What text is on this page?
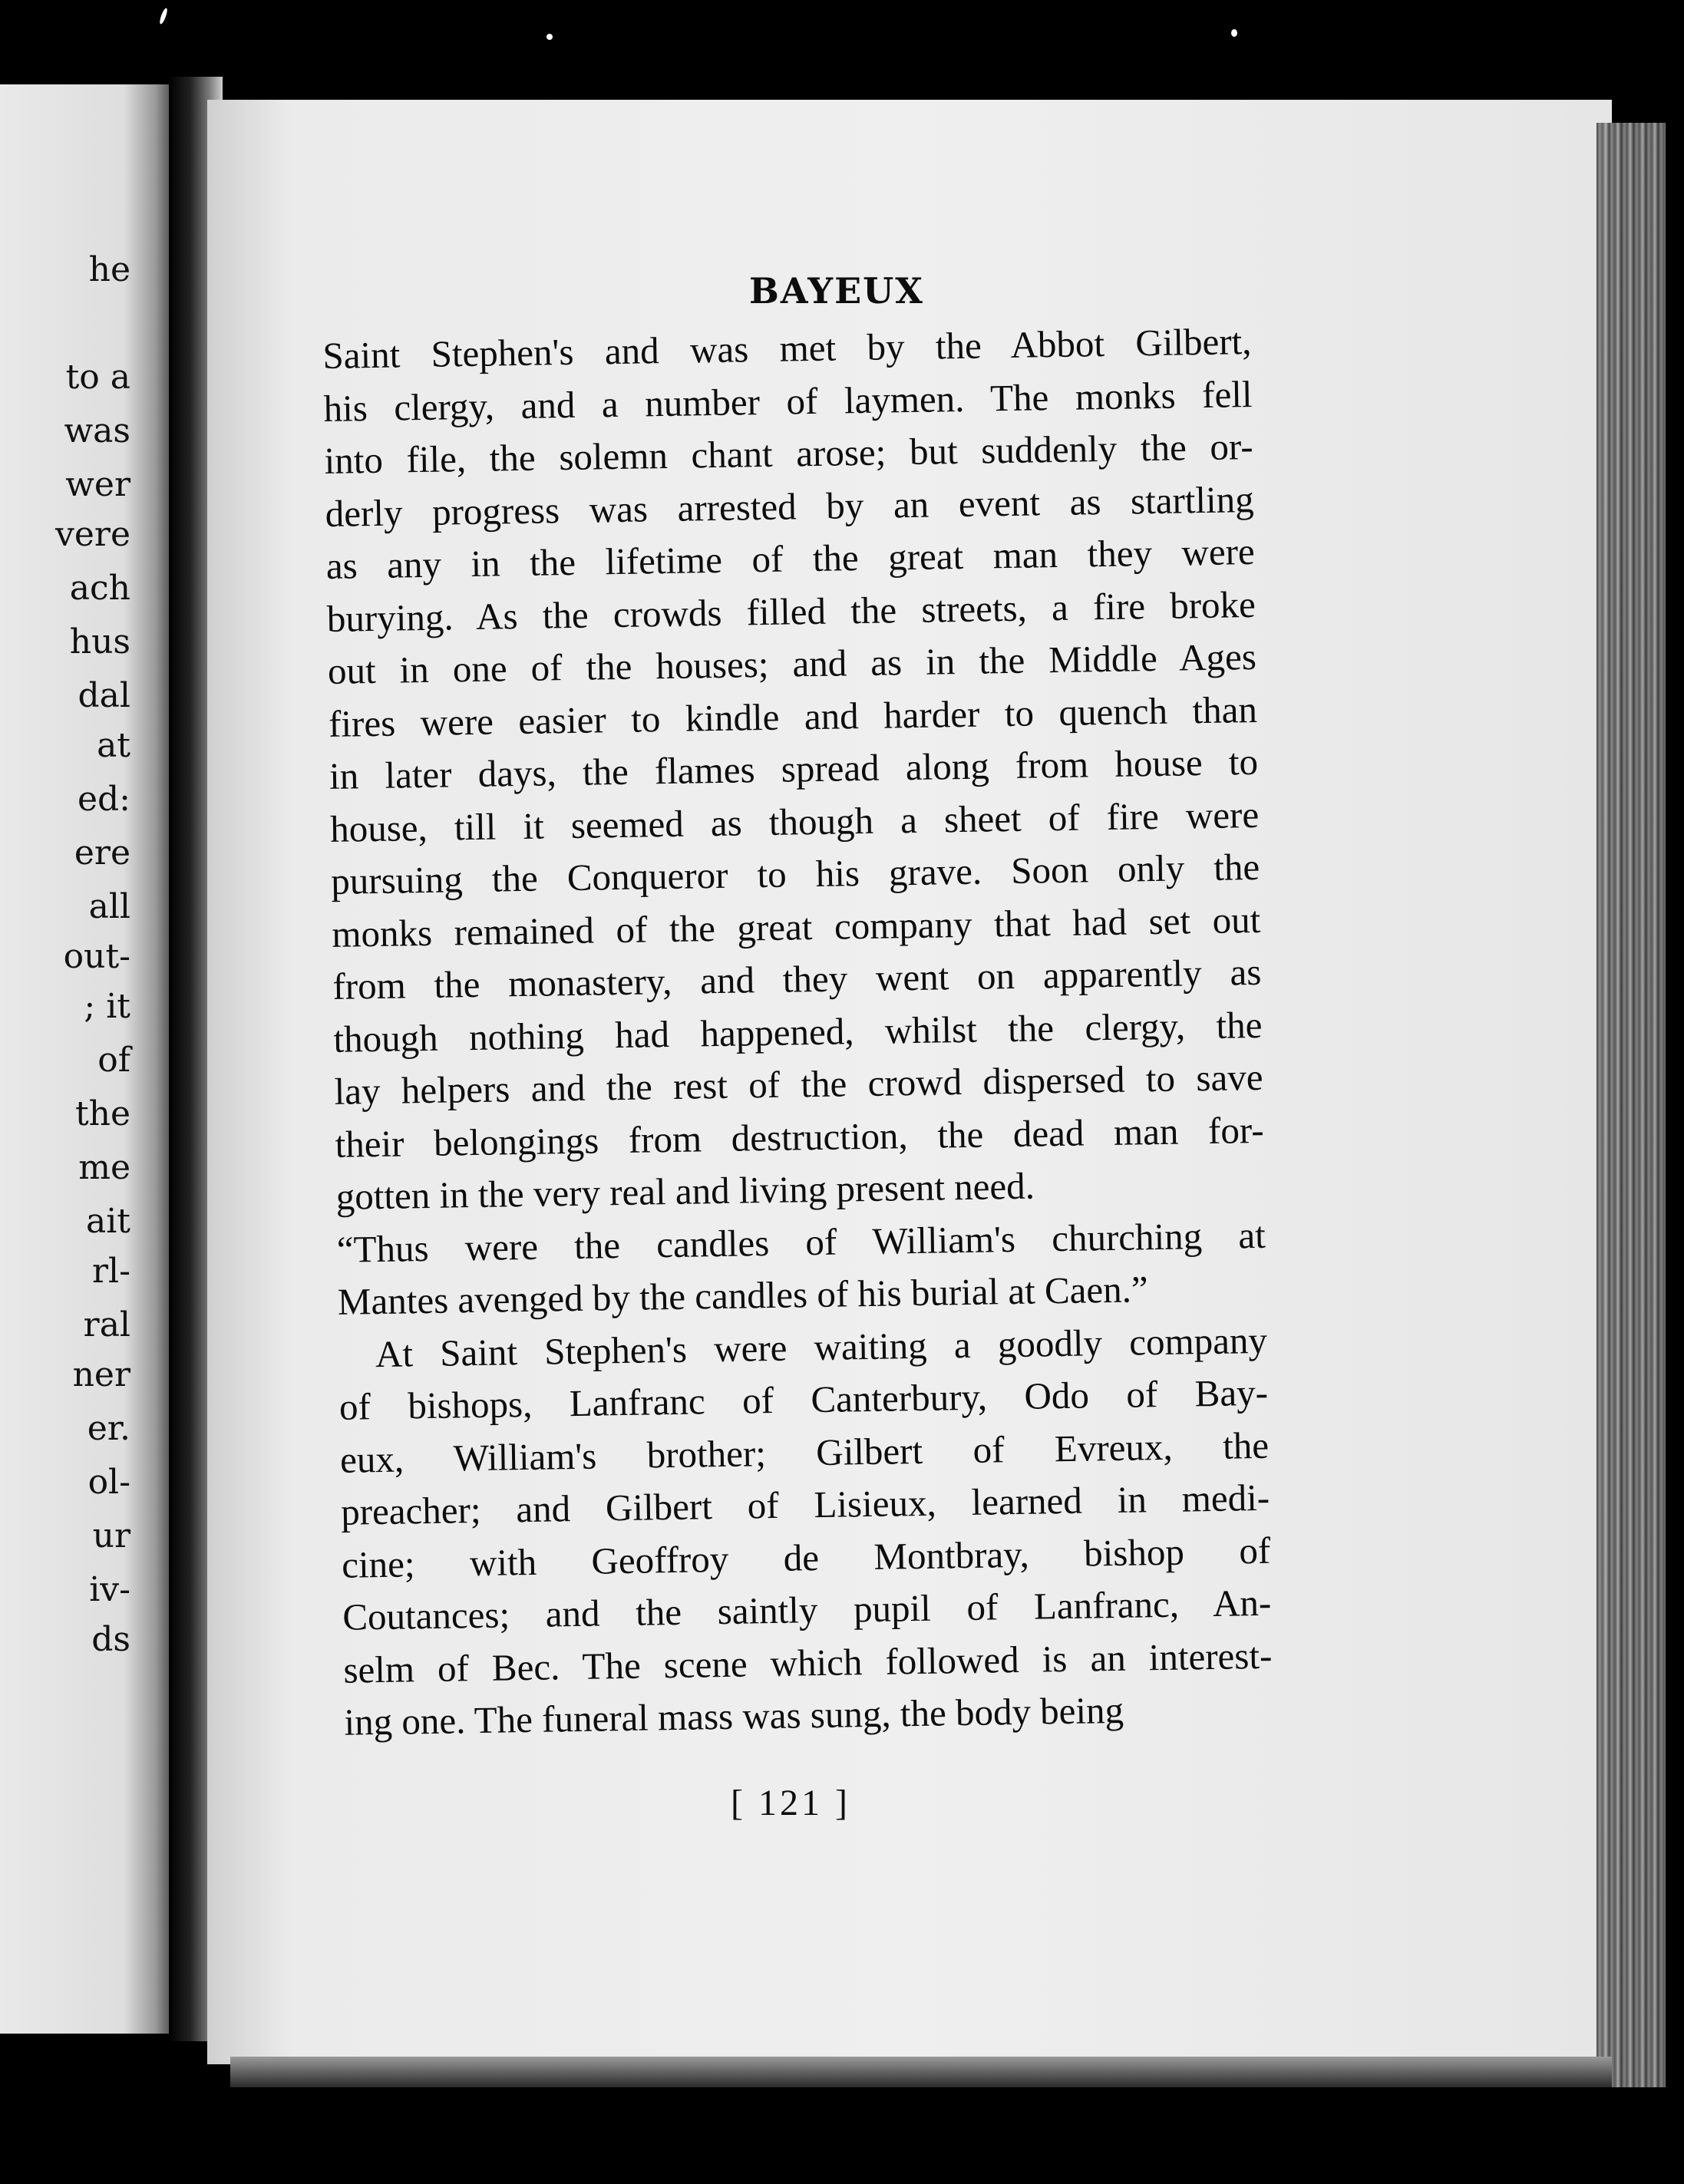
he
to a
was
wer
vere
ach
hus
dal
at
ed:
ere
all
out-
; it
of
the
me
ait
rl-
ral
ner
er.
ol-
ur
iv-
ds
BAYEUX
Saint Stephen's and was met by the Abbot Gilbert,
his clergy, and a number of laymen. The monks fell
into file, the solemn chant arose; but suddenly the or-
derly progress was arrested by an event as startling
as any in the lifetime of the great man they were
burying. As the crowds filled the streets, a fire broke
out in one of the houses; and as in the Middle Ages
fires were easier to kindle and harder to quench than
in later days, the flames spread along from house to
house, till it seemed as though a sheet of fire were
pursuing the Conqueror to his grave. Soon only the
monks remained of the great company that had set out
from the monastery, and they went on apparently as
though nothing had happened, whilst the clergy, the
lay helpers and the rest of the crowd dispersed to save
their belongings from destruction, the dead man for-
gotten in the very real and living present need.
“Thus were the candles of William's churching at
Mantes avenged by the candles of his burial at Caen.”
At Saint Stephen's were waiting a goodly company
of bishops, Lanfranc of Canterbury, Odo of Bay-
eux, William's brother; Gilbert of Evreux, the
preacher; and Gilbert of Lisieux, learned in medi-
cine; with Geoffroy de Montbray, bishop of
Coutances; and the saintly pupil of Lanfranc, An-
selm of Bec. The scene which followed is an interest-
ing one. The funeral mass was sung, the body being
[ 121 ]
